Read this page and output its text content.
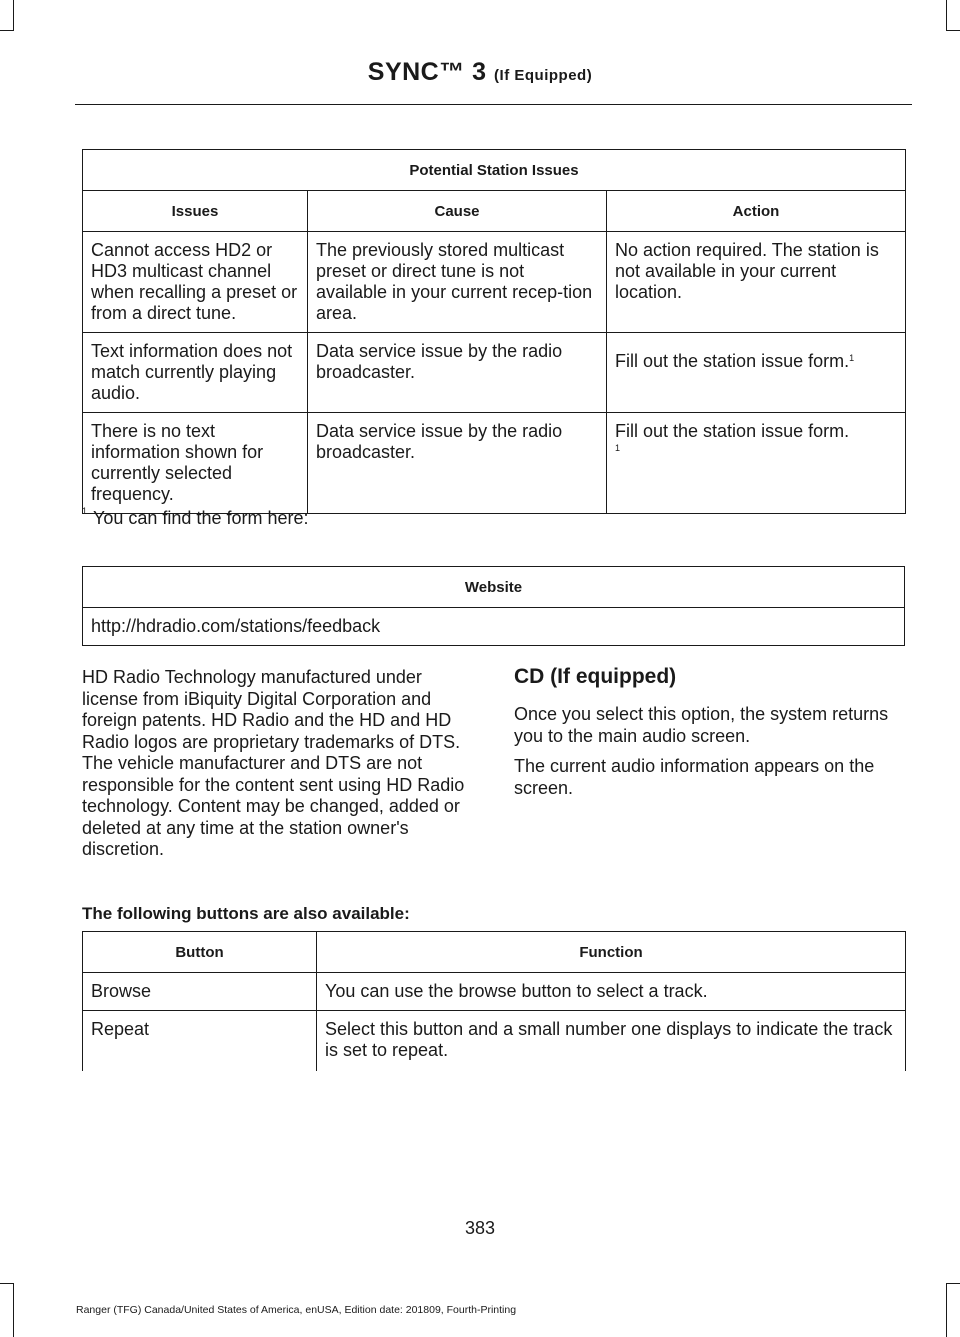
SYNC™ 3 (If Equipped)
Potential Station Issues		
Issues	Cause	Action
Cannot access HD2 or HD3 multicast channel when recalling a preset or from a direct tune.	The previously stored multicast preset or direct tune is not available in your current recep-tion area.	No action required. The station is not available in your current location.
Text information does not match currently playing audio.	Data service issue by the radio broadcaster.	Fill out the station issue form.$^1$
There is no text information shown for currently selected frequency.	Data service issue by the radio broadcaster.	Fill out the station issue form.
1
$^1$ You can find the form here:
Website
http://hdradio.com/stations/feedback
HD Radio Technology manufactured under license from iBiquity Digital Corporation and foreign patents. HD Radio and the HD and HD Radio logos are proprietary trademarks of DTS. The vehicle manufacturer and DTS are not responsible for the content sent using HD Radio technology. Content may be changed, added or deleted at any time at the station owner's discretion.
CD (If equipped)
Once you select this option, the system returns you to the main audio screen.
The current audio information appears on the screen.
The following buttons are also available:
Button	Function
Browse	You can use the browse button to select a track.
Repeat	Select this button and a small number one displays to indicate the track is set to repeat.
383
Ranger (TFG) Canada/United States of America, enUSA, Edition date: 201809, Fourth-Printing
